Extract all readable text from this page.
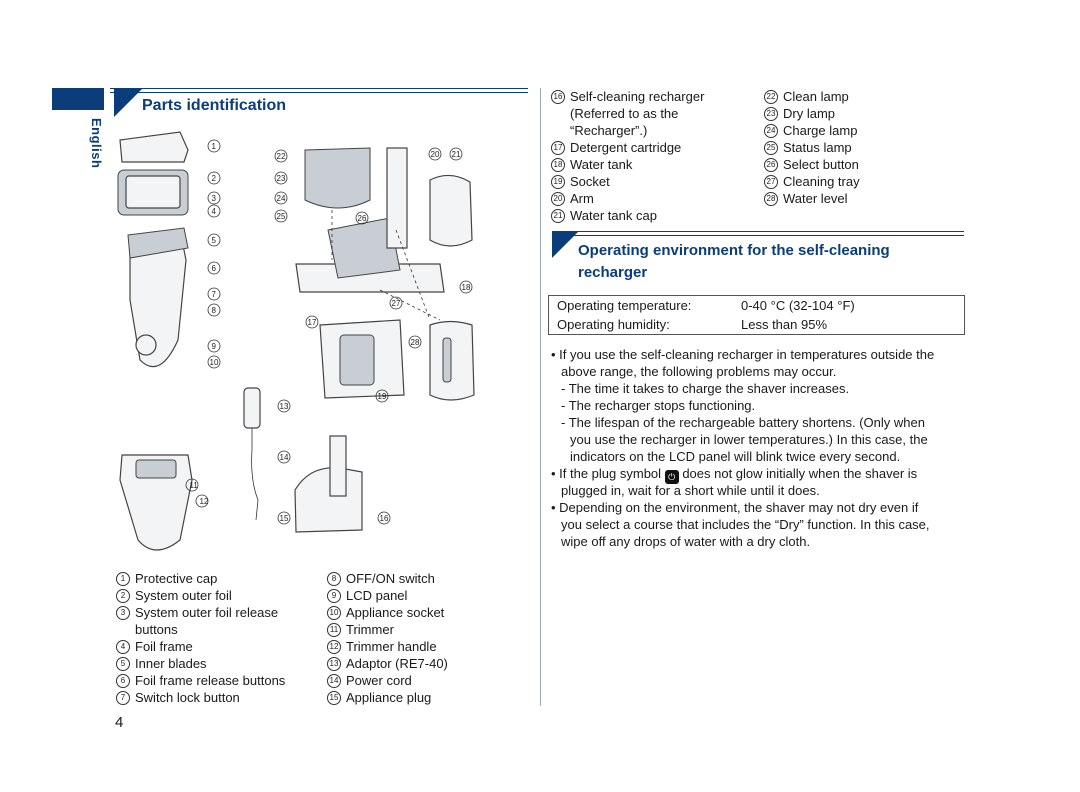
Parts identification
English	1
2
3
4
5
6
7
8
9
10
11
12
13
14
15	16
17
18
19
20 21
22
23
24
25	26
27
28
1 Protective cap
2 System outer foil
3 System outer foil release
buttons
4 Foil frame
5 Inner blades
6 Foil frame release buttons
7 Switch lock button
8 OFF/ON switch
9 LCD panel
10 Appliance socket
11 Trimmer
12 Trimmer handle
13 Adaptor (RE7-40)
14 Power cord
15 Appliance plug
4
16 Self-cleaning recharger
(Referred to as the
“Recharger”.)
17 Detergent cartridge
18 Water tank
19 Socket
20 Arm
21 Water tank cap
22 Clean lamp
23 Dry lamp
24 Charge lamp
25 Status lamp
26 Select button
27 Cleaning tray
28 Water level
Operating environment for the self-cleaning
recharger
Operating temperature:	0-40 °C (32-104 °F)
Operating humidity:	Less than 95%
• If you use the self-cleaning recharger in temperatures outside the
above range, the following problems may occur.
- The time it takes to charge the shaver increases.
- The recharger stops functioning.
- The lifespan of the rechargeable battery shortens. (Only when
you use the recharger in lower temperatures.) In this case, the
indicators on the LCD panel will blink twice every second.
• If the plug symbol ⏻ does not glow initially when the shaver is
plugged in, wait for a short while until it does.
• Depending on the environment, the shaver may not dry even if
you select a course that includes the “Dry” function. In this case,
wipe off any drops of water with a dry cloth.
